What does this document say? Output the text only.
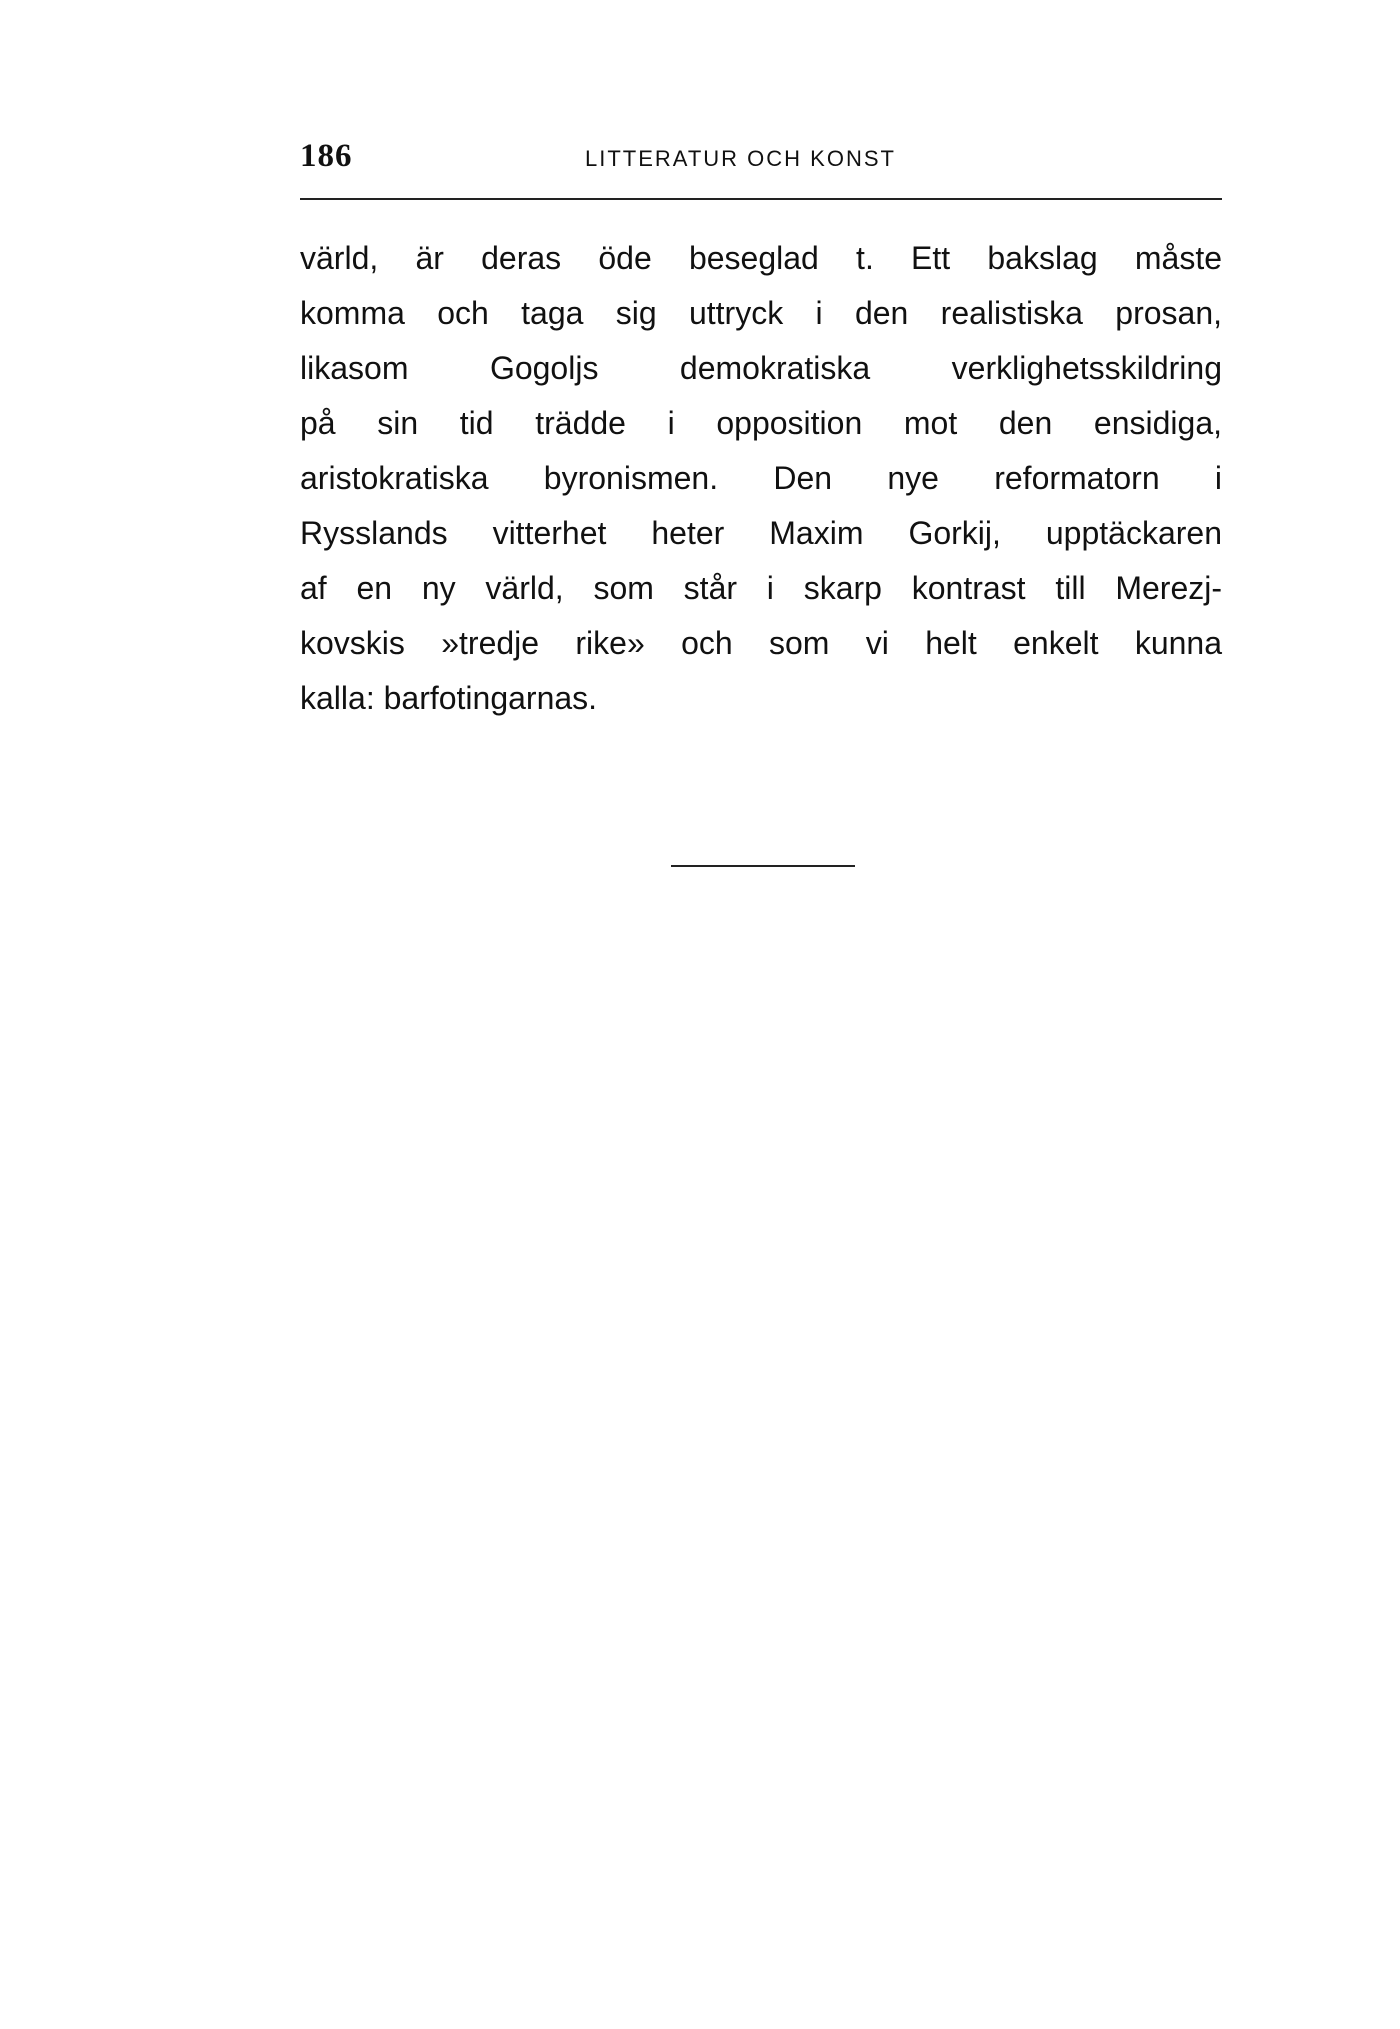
186	LITTERATUR OCH KONST
värld, är deras öde beseglad t. Ett bakslag måste
komma och taga sig uttryck i den realistiska prosan,
likasom Gogoljs demokratiska verklighetsskildring
på sin tid trädde i opposition mot den ensidiga,
aristokratiska byronismen. Den nye reformatorn i
Rysslands vitterhet heter Maxim Gorkij, upptäckaren
af en ny värld, som står i skarp kontrast till Merezj-
kovskis »tredje rike» och som vi helt enkelt kunna
kalla: barfotingarnas.
